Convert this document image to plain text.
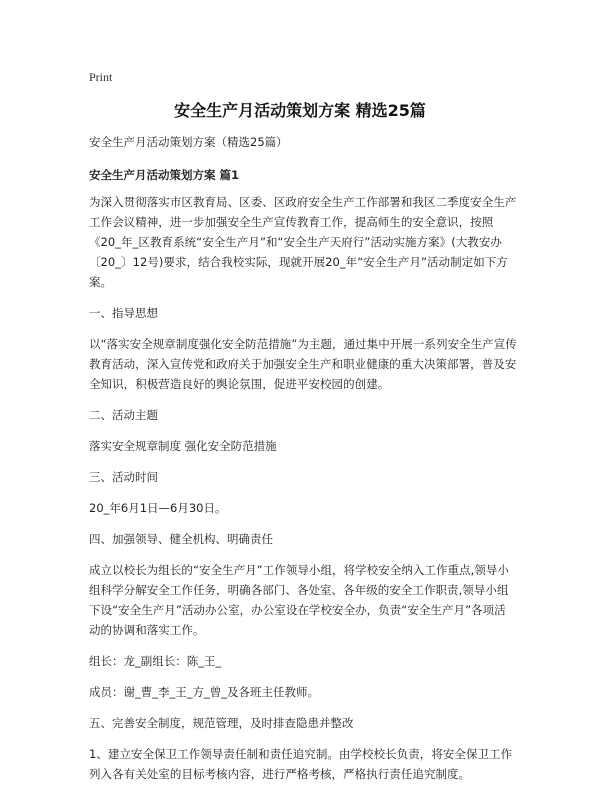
Print
安全生产月活动策划方案 精选25篇

安全生产月活动策划方案（精选25篇）

安全生产月活动策划方案 篇1

为深入贯彻落实市区教育局、区委、区政府安全生产工作部署和我区二季度安全生产工作会议精神，进一步加强安全生产宣传教育工作，提高师生的安全意识，按照《20_年_区教育系统“安全生产月”和“安全生产天府行”活动实施方案》(大教安办〔20_〕12号)要求，结合我校实际，现就开展20_年“安全生产月”活动制定如下方案。

一、指导思想

以“落实安全规章制度强化安全防范措施”为主题，通过集中开展一系列安全生产宣传教育活动，深入宣传党和政府关于加强安全生产和职业健康的重大决策部署，普及安全知识，积极营造良好的舆论氛围，促进平安校园的创建。

二、活动主题

落实安全规章制度 强化安全防范措施

三、活动时间

20_年6月1日—6月30日。

四、加强领导、健全机构、明确责任

成立以校长为组长的“安全生产月”工作领导小组，将学校安全纳入工作重点,领导小组科学分解安全工作任务，明确各部门、各处室、各年级的安全工作职责,领导小组下设“安全生产月”活动办公室，办公室设在学校安全办，负责“安全生产月”各项活动的协调和落实工作。

组长：龙_副组长：陈_王_

成员：谢_曹_李_王_方_曾_及各班主任教师。

五、完善安全制度，规范管理，及时排查隐患并整改

1、建立安全保卫工作领导责任制和责任追究制。由学校校长负责，将安全保卫工作列入各有关处室的目标考核内容，进行严格考核，严格执行责任追究制度。
